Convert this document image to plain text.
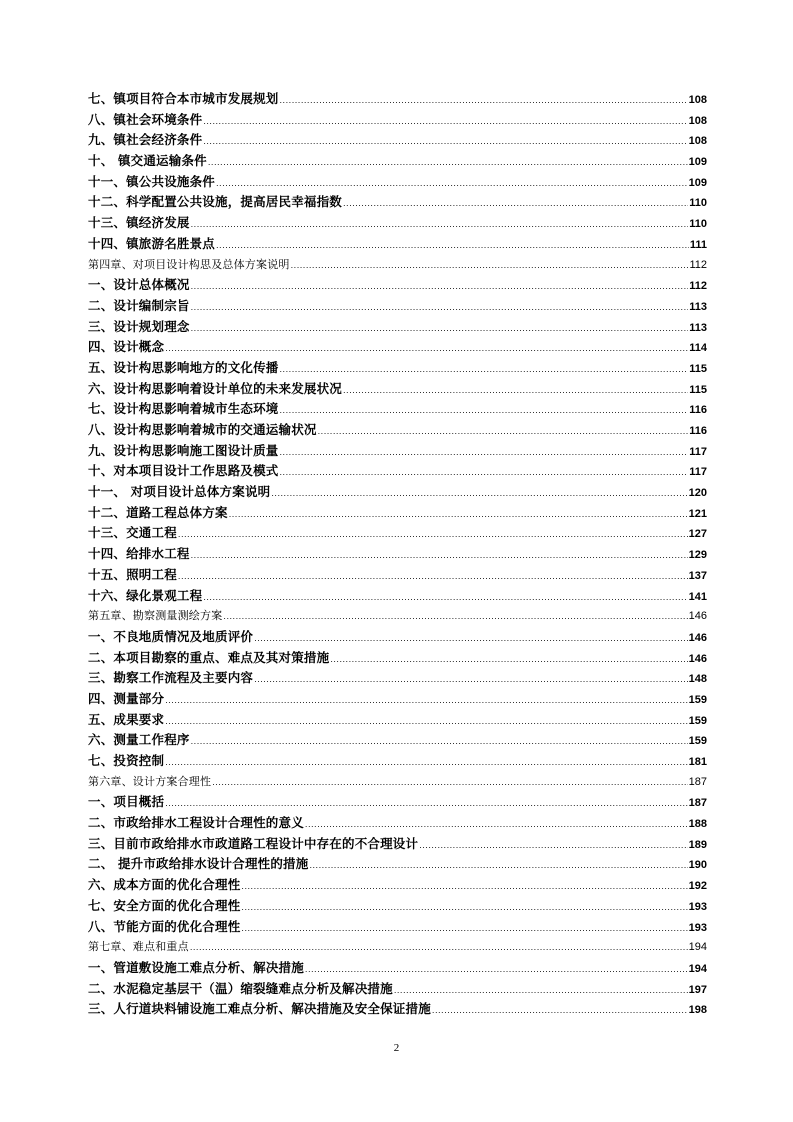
七、镇项目符合本市城市发展规划 .....	108
八、镇社会环境条件 .....	108
九、镇社会经济条件 .....	108
十、 镇交通运输条件 .....	109
十一、镇公共设施条件 .....	109
十二、科学配置公共设施，提高居民幸福指数 .....	110
十三、镇经济发展 .....	110
十四、镇旅游名胜景点 .....	111
第四章、对项目设计构思及总体方案说明 .....	112
一、设计总体概况 .....	112
二、设计编制宗旨 .....	113
三、设计规划理念 .....	113
四、设计概念 .....	114
五、设计构思影响地方的文化传播 .....	115
六、设计构思影响着设计单位的未来发展状况 .....	115
七、设计构思影响着城市生态环境 .....	116
八、设计构思影响着城市的交通运输状况 .....	116
九、设计构思影响施工图设计质量 .....	117
十、对本项目设计工作思路及模式 .....	117
十一、 对项目设计总体方案说明 .....	120
十二、道路工程总体方案 .....	121
十三、交通工程 .....	127
十四、给排水工程 .....	129
十五、照明工程 .....	137
十六、绿化景观工程 .....	141
第五章、勘察测量测绘方案 .....	146
一、不良地质情况及地质评价 .....	146
二、本项目勘察的重点、难点及其对策措施 .....	146
三、勘察工作流程及主要内容 .....	148
四、测量部分 .....	159
五、成果要求 .....	159
六、测量工作程序 .....	159
七、投资控制 .....	181
第六章、设计方案合理性 .....	187
一、项目概括 .....	187
二、市政给排水工程设计合理性的意义 .....	188
三、目前市政给排水市政道路工程设计中存在的不合理设计 .....	189
二、 提升市政给排水设计合理性的措施 .....	190
六、成本方面的优化合理性 .....	192
七、安全方面的优化合理性 .....	193
八、节能方面的优化合理性 .....	193
第七章、难点和重点 .....	194
一、管道敷设施工难点分析、解决措施 .....	194
二、水泥稳定基层干（温）缩裂缝难点分析及解决措施 .....	197
三、人行道块料铺设施工难点分析、解决措施及安全保证措施 .....	198
2
